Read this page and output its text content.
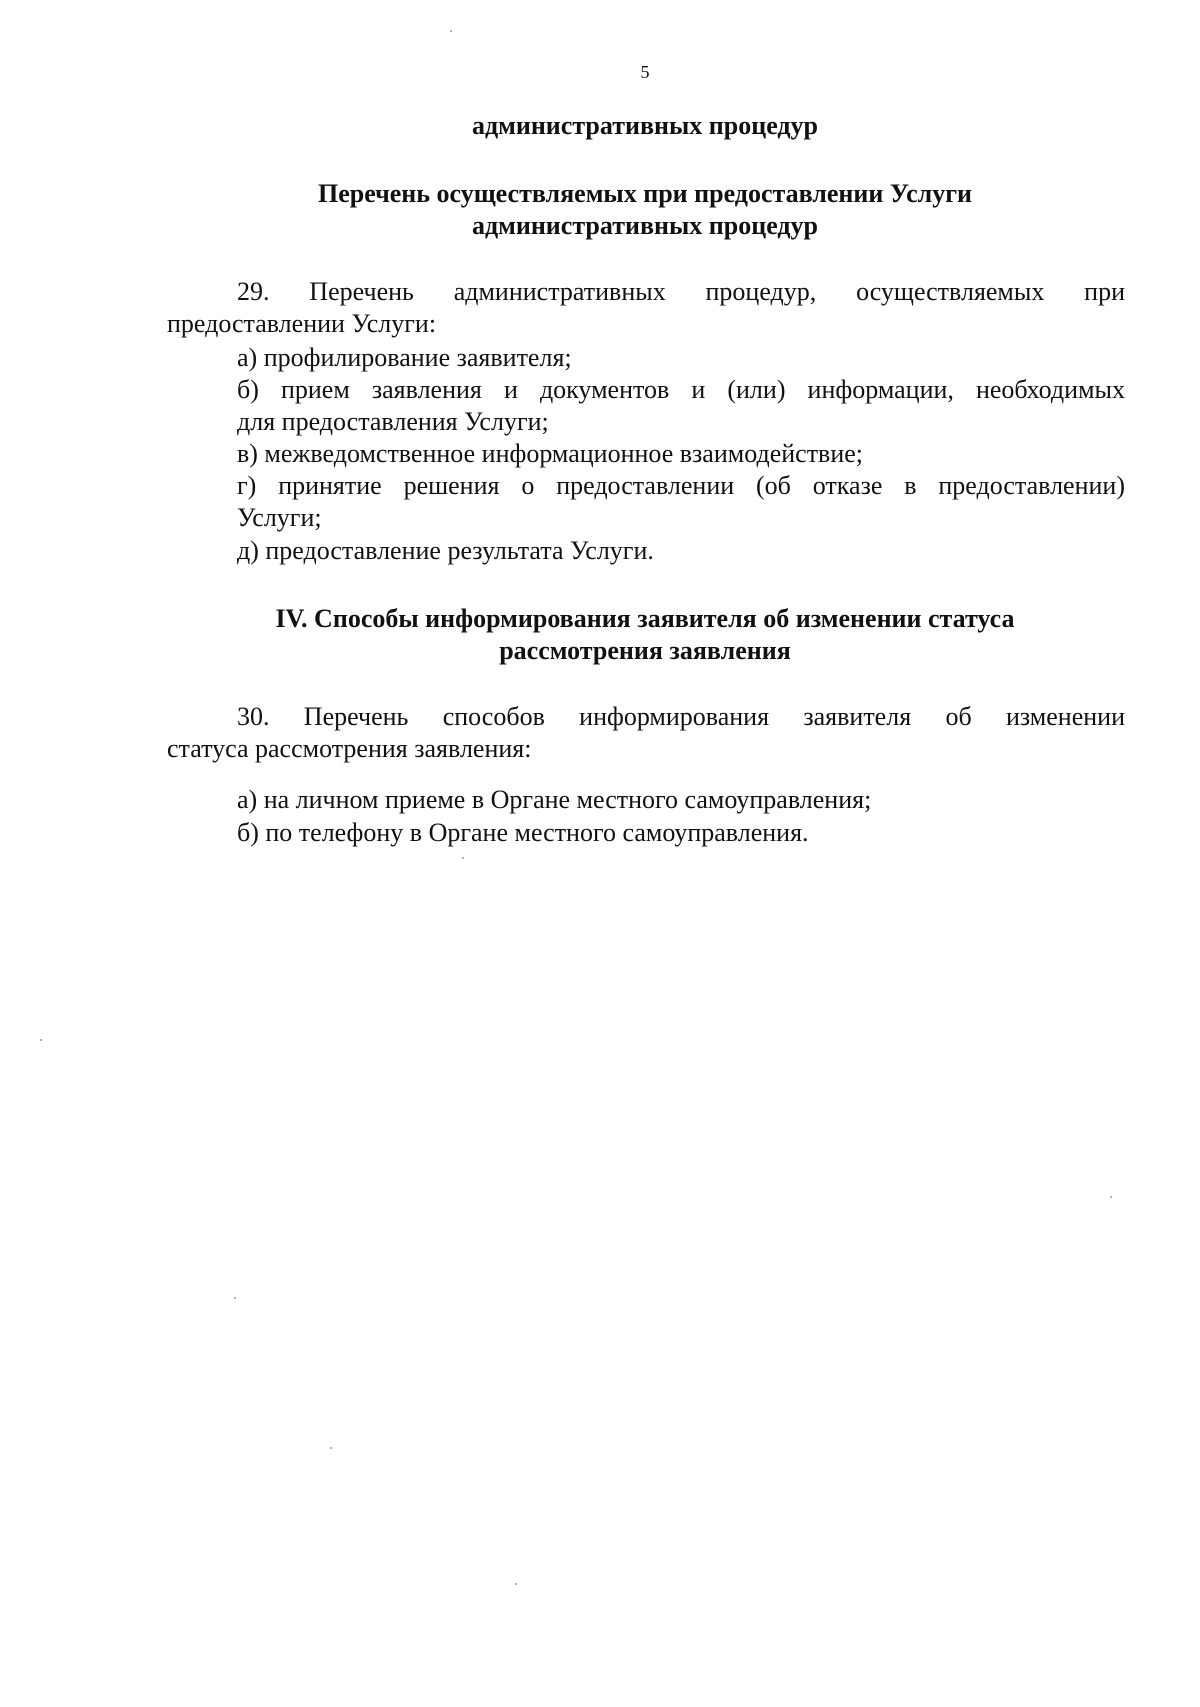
5
административных процедур
Перечень осуществляемых при предоставлении Услуги
административных процедур
29. Перечень административных процедур, осуществляемых при
предоставлении Услуги:
а) профилирование заявителя;
б) прием заявления и документов и (или) информации, необходимых
для предоставления Услуги;
в) межведомственное информационное взаимодействие;
г) принятие решения о предоставлении (об отказе в предоставлении)
Услуги;
д) предоставление результата Услуги.
IV. Способы информирования заявителя об изменении статуса
рассмотрения заявления
30. Перечень способов информирования заявителя об изменении
статуса рассмотрения заявления:
а) на личном приеме в Органе местного самоуправления;
б) по телефону в Органе местного самоуправления.
